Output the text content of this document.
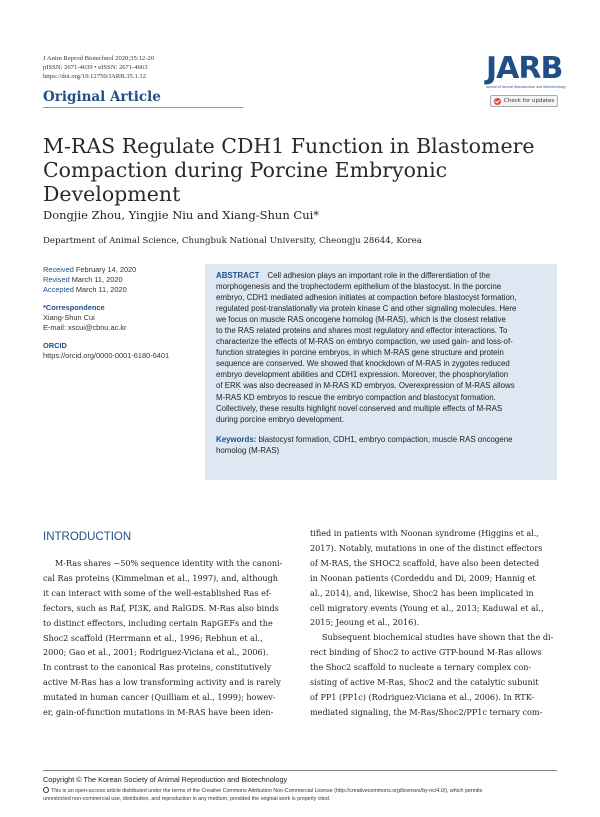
J Anim Reprod Biotechnol 2020;35:12-20
pISSN: 2671-4639 • eISSN: 2671-4663
https://doi.org/10.12750/JARB.35.1.12
Original Article
JARB
Journal of Animal Reproduction and Biotechnology
Check for updates
M-RAS Regulate CDH1 Function in Blastomere
Compaction during Porcine Embryonic
Development
Dongjie Zhou, Yingjie Niu and Xiang-Shun Cui*
Department of Animal Science, Chungbuk National University, Cheongju 28644, Korea
Received February 14, 2020
Revised March 11, 2020
Accepted March 11, 2020
*Correspondence
Xiang-Shun Cui
E-mail: xscui@cbnu.ac.kr
ORCID
https://orcid.org/0000-0001-6180-6401
ABSTRACT Cell adhesion plays an important role in the differentiation of the
morphogenesis and the trophectoderm epithelium of the blastocyst. In the porcine
embryo, CDH1 mediated adhesion initiates at compaction before blastocyst formation,
regulated post-translationally via protein kinase C and other signaling molecules. Here
we focus on muscle RAS oncogene homolog (M-RAS), which is the closest relative
to the RAS related proteins and shares most regulatory and effector interactions. To
characterize the effects of M-RAS on embryo compaction, we used gain- and loss-of-
function strategies in porcine embryos, in which M-RAS gene structure and protein
sequence are conserved. We showed that knockdown of M-RAS in zygotes reduced
embryo development abilities and CDH1 expression. Moreover, the phosphorylation
of ERK was also decreased in M-RAS KD embryos. Overexpression of M-RAS allows
M-RAS KD embryos to rescue the embryo compaction and blastocyst formation.
Collectively, these results highlight novel conserved and multiple effects of M-RAS
during porcine embryo development.
Keywords: blastocyst formation, CDH1, embryo compaction, muscle RAS oncogene
homolog (M-RAS)
INTRODUCTION
M-Ras shares ~50% sequence identity with the canoni-
cal Ras proteins (Kimmelman et al., 1997), and, although
it can interact with some of the well-established Ras ef-
fectors, such as Raf, PI3K, and RalGDS. M-Ras also binds
to distinct effectors, including certain RapGEFs and the
Shoc2 scaffold (Herrmann et al., 1996; Rebhun et al.,
2000; Gao et al., 2001; Rodriguez-Viciana et al., 2006).
In contrast to the canonical Ras proteins, constitutively
active M-Ras has a low transforming activity and is rarely
mutated in human cancer (Quilliam et al., 1999); howev-
er, gain-of-function mutations in M-RAS have been iden-
tified in patients with Noonan syndrome (Higgins et al.,
2017). Notably, mutations in one of the distinct effectors
of M-RAS, the SHOC2 scaffold, have also been detected
in Noonan patients (Cordeddu and Di, 2009; Hannig et
al., 2014), and, likewise, Shoc2 has been implicated in
cell migratory events (Young et al., 2013; Kaduwal et al.,
2015; Jeoung et al., 2016).
Subsequent biochemical studies have shown that the di-
rect binding of Shoc2 to active GTP-bound M-Ras allows
the Shoc2 scaffold to nucleate a ternary complex con-
sisting of active M-Ras, Shoc2 and the catalytic subunit
of PP1 (PP1c) (Rodriguez-Viciana et al., 2006). In RTK-
mediated signaling, the M-Ras/Shoc2/PP1c ternary com-
Copyright © The Korean Society of Animal Reproduction and Biotechnology
This is an open-access article distributed under the terms of the Creative Commons Attribution Non-Commercial License (http://creativecommons.org/licenses/by-nc/4.0/), which permits
unrestricted non-commercial use, distribution, and reproduction in any medium, provided the original work is properly cited.
